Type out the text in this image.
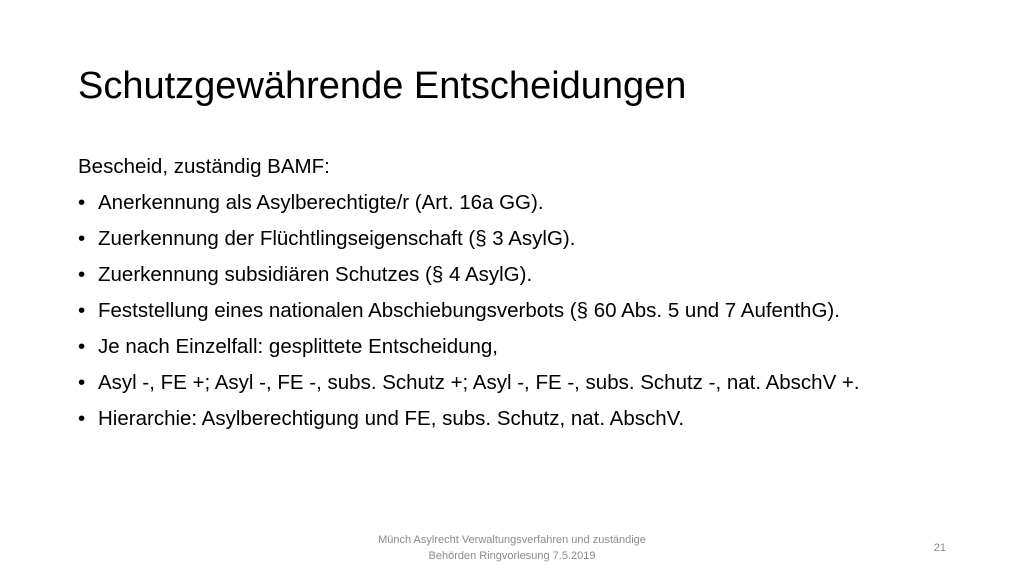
Schutzgewährende Entscheidungen
Bescheid, zuständig BAMF:
• Anerkennung als Asylberechtigte/r (Art. 16a GG).
• Zuerkennung der Flüchtlingseigenschaft (§ 3 AsylG).
• Zuerkennung subsidiären Schutzes (§ 4 AsylG).
• Feststellung eines nationalen Abschiebungsverbots (§ 60 Abs. 5 und 7 AufenthG).
• Je nach Einzelfall: gesplittete Entscheidung,
• Asyl -, FE +; Asyl -, FE -, subs. Schutz +; Asyl -, FE -, subs. Schutz -, nat. AbschV +.
• Hierarchie: Asylberechtigung und FE, subs. Schutz, nat. AbschV.
Münch Asylrecht Verwaltungsverfahren und zuständige
Behörden Ringvorlesung 7.5.2019
21
